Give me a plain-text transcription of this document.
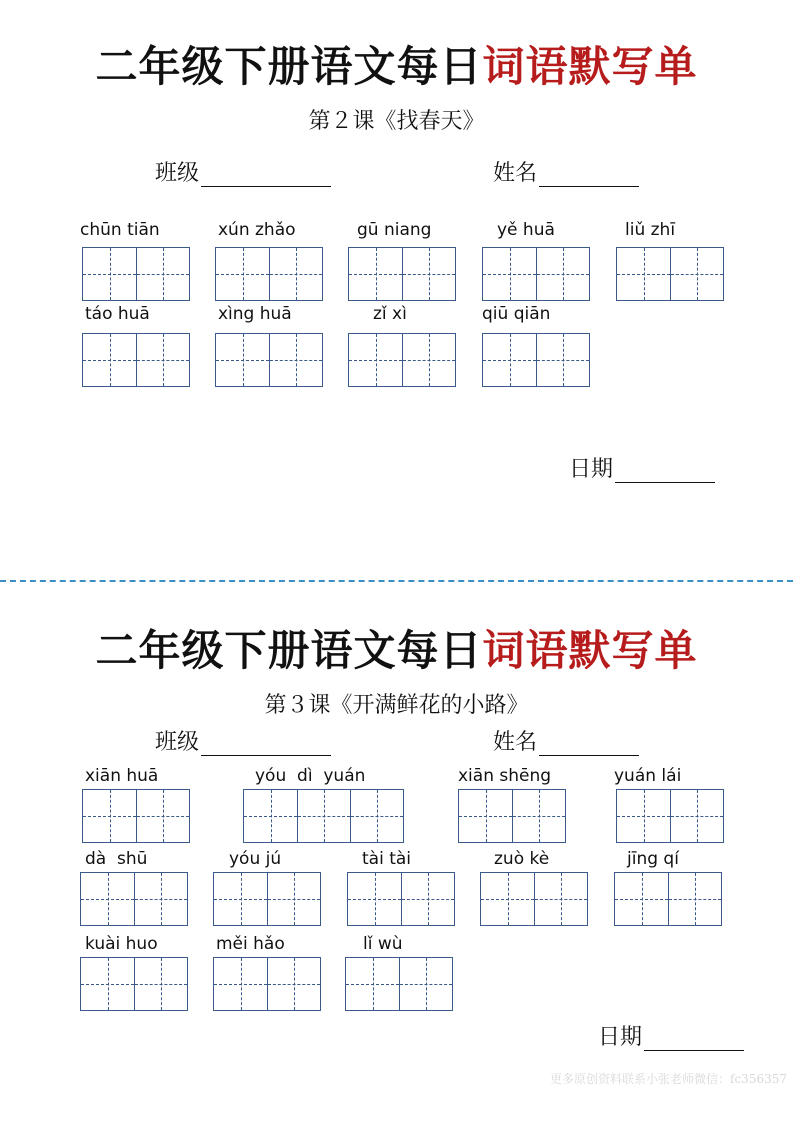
二年级下册语文每日词语默写单
第２课《找春天》
班级	姓名
chūn tiān	xún zhǎo	gū niang	yě huā	liǔ zhī
táo huā	xìng huā	zǐ xì	qiū qiān
日期
二年级下册语文每日词语默写单
第３课《开满鲜花的小路》
班级	姓名
xiān huā	yóu  dì  yuán	xiān shēng	yuán lái
dà  shū	yóu jú	tài tài	zuò kè	jīng qí
kuài huo	měi hǎo	lǐ wù
日期
更多原创资料联系小张老师微信：fc356357
